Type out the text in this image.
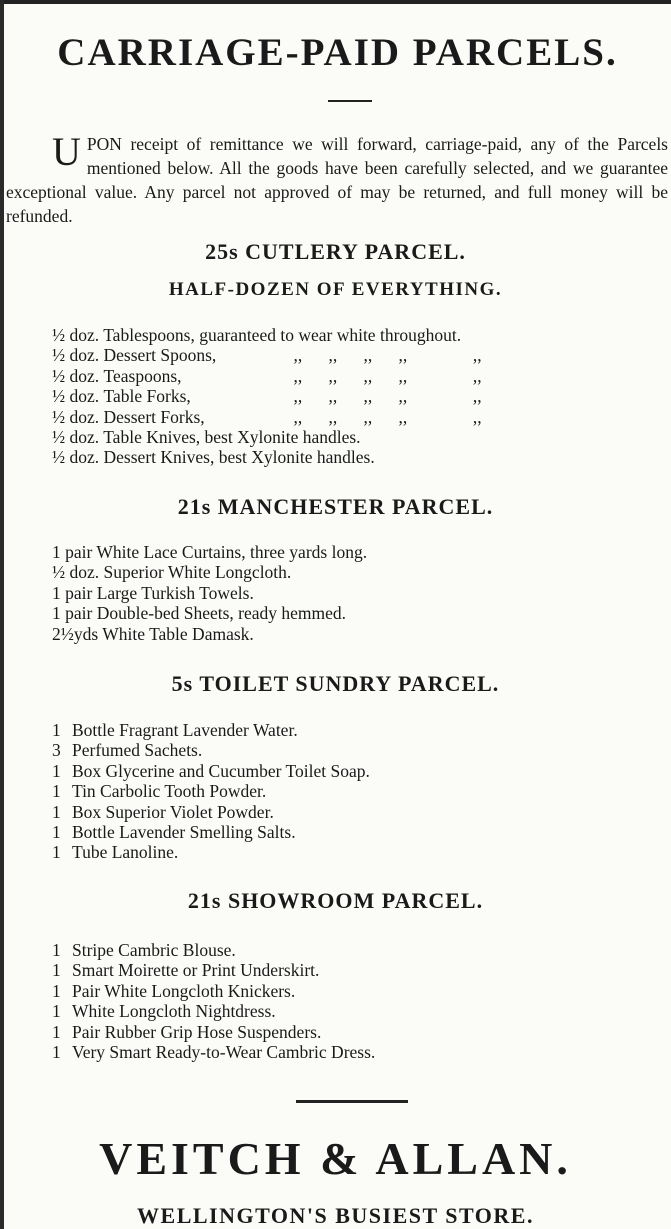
CARRIAGE-PAID PARCELS.

UPON receipt of remittance we will forward, carriage-paid, any of the Parcels mentioned below. All the goods have been carefully selected, and we guarantee exceptional value. Any parcel not approved of may be returned, and full money will be refunded.

25s CUTLERY PARCEL.
HALF-DOZEN OF EVERYTHING.
½ doz. Tablespoons, guaranteed to wear white throughout.
½ doz. Dessert Spoons,	,,      ,,      ,,      ,,               ,,
½ doz. Teaspoons,	,,      ,,      ,,      ,,               ,,
½ doz. Table Forks,	,,      ,,      ,,      ,,               ,,
½ doz. Dessert Forks,	,,      ,,      ,,      ,,               ,,
½ doz. Table Knives, best Xylonite handles.
½ doz. Dessert Knives, best Xylonite handles.
21s MANCHESTER PARCEL.
1 pair White Lace Curtains, three yards long.
½ doz. Superior White Longcloth.
1 pair Large Turkish Towels.
1 pair Double-bed Sheets, ready hemmed.
2½yds White Table Damask.
5s TOILET SUNDRY PARCEL.
1 Bottle Fragrant Lavender Water.
3 Perfumed Sachets.
1 Box Glycerine and Cucumber Toilet Soap.
1 Tin Carbolic Tooth Powder.
1 Box Superior Violet Powder.
1 Bottle Lavender Smelling Salts.
1 Tube Lanoline.
21s SHOWROOM PARCEL.
1 Stripe Cambric Blouse.
1 Smart Moirette or Print Underskirt.
1 Pair White Longcloth Knickers.
1 White Longcloth Nightdress.
1 Pair Rubber Grip Hose Suspenders.
1 Very Smart Ready-to-Wear Cambric Dress.
VEITCH & ALLAN.
WELLINGTON'S BUSIEST STORE.
